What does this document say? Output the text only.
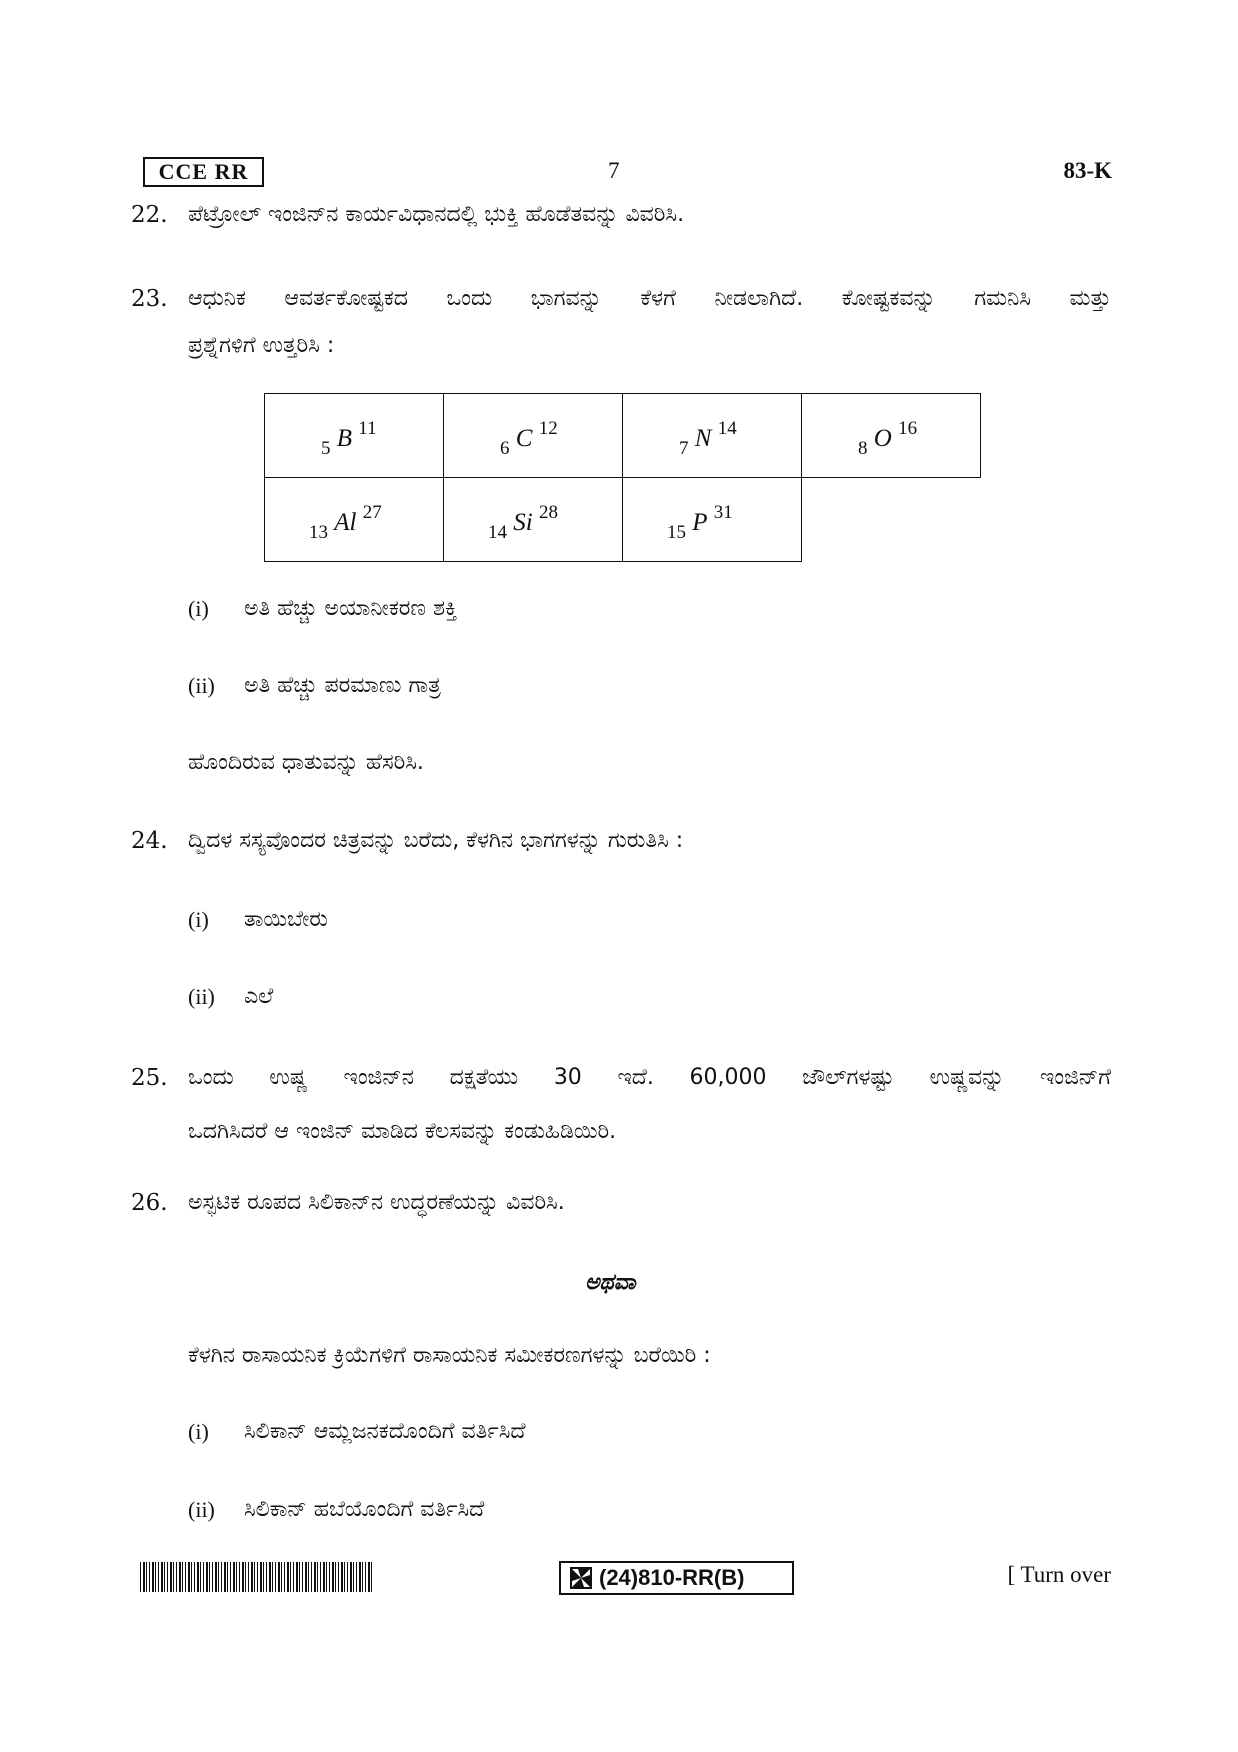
CCE RR	7	83-K
22. ಪೆಟ್ರೋಲ್ ಇಂಜಿನ್‌ನ ಕಾರ್ಯವಿಧಾನದಲ್ಲಿ ಭುಕ್ತಿ ಹೊಡೆತವನ್ನು ವಿವರಿಸಿ.
23. ಆಧುನಿಕ ಆವರ್ತಕೋಷ್ಟಕದ ಒಂದು ಭಾಗವನ್ನು ಕೆಳಗೆ ನೀಡಲಾಗಿದೆ. ಕೋಷ್ಟಕವನ್ನು ಗಮನಿಸಿ ಮತ್ತು
ಪ್ರಶ್ನೆಗಳಿಗೆ ಉತ್ತರಿಸಿ :
$_5$ B $^{11}$	$_6$ C $^{12}$	$_7$ N $^{14}$	$_8$ O $^{16}$
$_{13}$ Al $^{27}$	$_{14}$ Si $^{28}$	$_{15}$ P $^{31}$	
(i) ಅತಿ ಹೆಚ್ಚು ಅಯಾನೀಕರಣ ಶಕ್ತಿ
(ii) ಅತಿ ಹೆಚ್ಚು ಪರಮಾಣು ಗಾತ್ರ
ಹೊಂದಿರುವ ಧಾತುವನ್ನು ಹೆಸರಿಸಿ.
24. ದ್ವಿದಳ ಸಸ್ಯವೊಂದರ ಚಿತ್ರವನ್ನು ಬರೆದು, ಕೆಳಗಿನ ಭಾಗಗಳನ್ನು ಗುರುತಿಸಿ :
(i) ತಾಯಿಬೇರು
(ii) ಎಲೆ
25. ಒಂದು ಉಷ್ಣ ಇಂಜಿನ್‌ನ ದಕ್ಷತೆಯು 30 ಇದೆ. 60,000 ಜೌಲ್‌ಗಳಷ್ಟು ಉಷ್ಣವನ್ನು ಇಂಜಿನ್‌ಗೆ
ಒದಗಿಸಿದರೆ ಆ ಇಂಜಿನ್ ಮಾಡಿದ ಕೆಲಸವನ್ನು ಕಂಡುಹಿಡಿಯಿರಿ.
26. ಅಸ್ಫಟಿಕ ರೂಪದ ಸಿಲಿಕಾನ್‌ನ ಉದ್ಧರಣೆಯನ್ನು ವಿವರಿಸಿ.
ಅಥವಾ
ಕೆಳಗಿನ ರಾಸಾಯನಿಕ ಕ್ರಿಯೆಗಳಿಗೆ ರಾಸಾಯನಿಕ ಸಮೀಕರಣಗಳನ್ನು ಬರೆಯಿರಿ :
(i) ಸಿಲಿಕಾನ್ ಆಮ್ಲಜನಕದೊಂದಿಗೆ ವರ್ತಿಸಿದೆ
(ii) ಸಿಲಿಕಾನ್ ಹಬೆಯೊಂದಿಗೆ ವರ್ತಿಸಿದೆ
(24)810-RR(B)	[ Turn over
